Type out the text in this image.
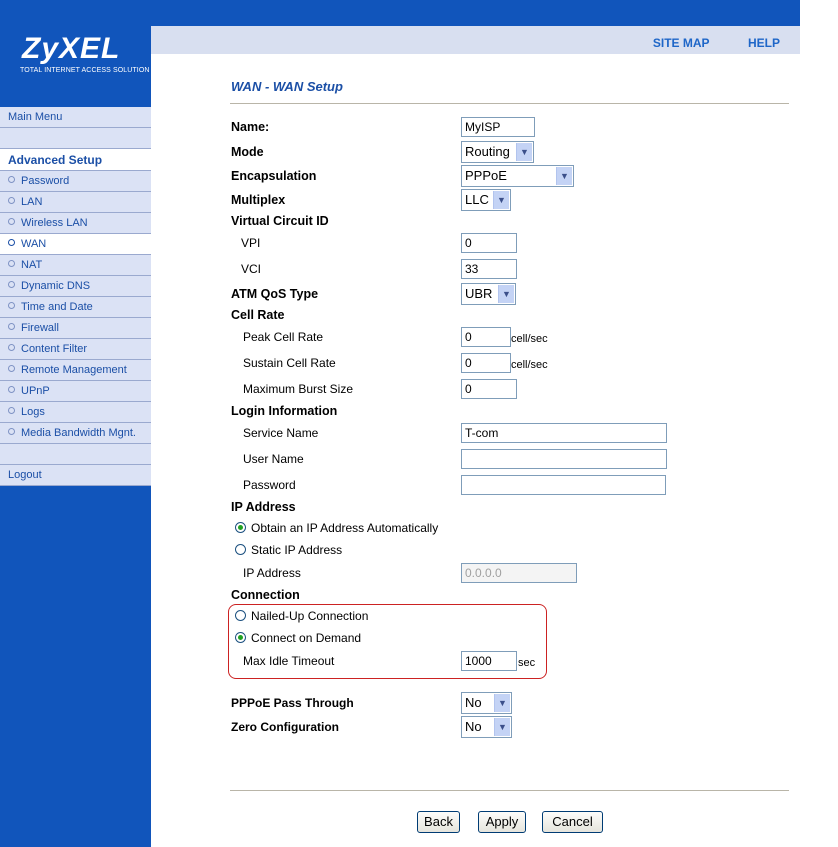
SITE MAP	HELP
ZyXEL
TOTAL INTERNET ACCESS SOLUTION
Main Menu
Advanced Setup
Password
LAN
Wireless LAN
WAN
NAT
Dynamic DNS
Time and Date
Firewall
Content Filter
Remote Management
UPnP
Logs
Media Bandwidth Mgnt.
Logout
WAN - WAN Setup
Name:	MyISP
Mode	Routing	▼
Encapsulation	PPPoE	▼
Multiplex	LLC ▼
Virtual Circuit ID
VPI	0
VCI	33
ATM QoS Type	UBR	▼
Cell Rate
Peak Cell Rate	0	cell/sec
Sustain Cell Rate	0	cell/sec
Maximum Burst Size	0
Login Information
Service Name	T-com
User Name
Password
IP Address
Obtain an IP Address Automatically
Static IP Address
IP Address	0.0.0.0
Connection
Nailed-Up Connection
Connect on Demand
Max Idle Timeout	1000	sec
PPPoE Pass Through	No	▼
Zero Configuration	No	▼
Back	Apply	Cancel
